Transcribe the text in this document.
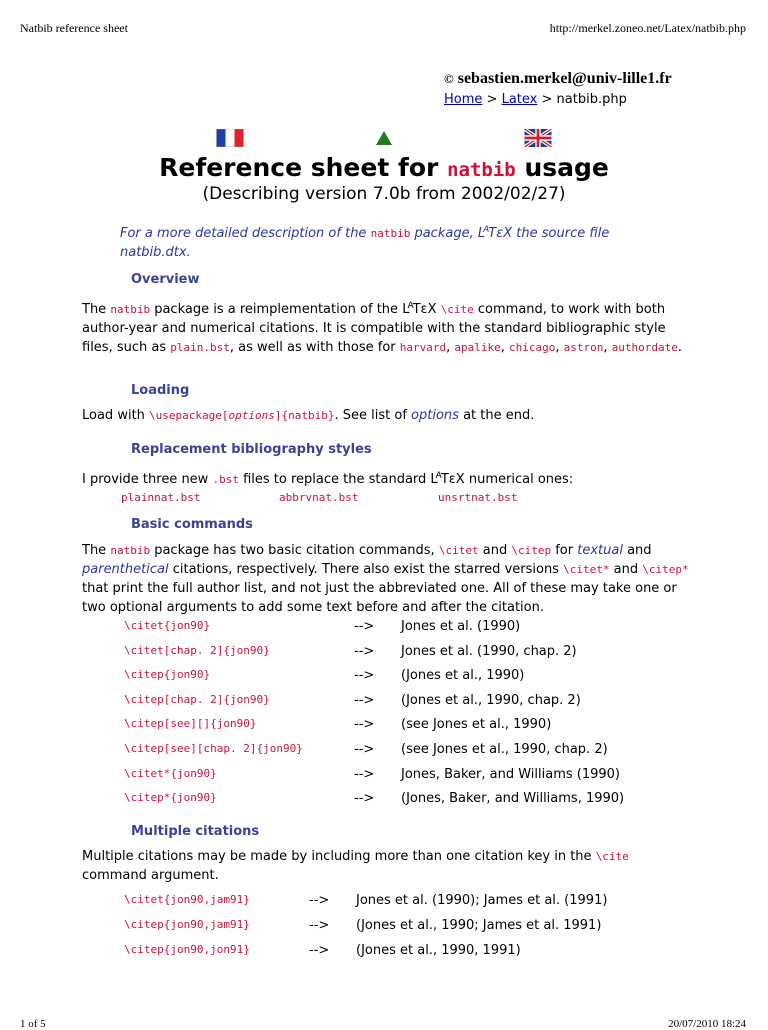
Natbib reference sheet	http://merkel.zoneo.net/Latex/natbib.php
© sebastien.merkel@univ-lille1.fr
Home > Latex > natbib.php
Reference sheet for natbib usage
(Describing version 7.0b from 2002/02/27)
For a more detailed description of the natbib package, $L^AT\varepsilon X$ the source file
natbib.dtx.
Overview
The natbib package is a reimplementation of the $L^AT\varepsilon X$ \cite command, to work with both author-year and numerical citations. It is compatible with the standard bibliographic style files, such as plain.bst, as well as with those for harvard, apalike, chicago, astron, authordate.
Loading
Load with \usepackage[options]{natbib}. See list of options at the end.
Replacement bibliography styles
I provide three new .bst files to replace the standard $L^AT\varepsilon X$ numerical ones:
plainnat.bst	abbrvnat.bst	unsrtnat.bst
Basic commands
The natbib package has two basic citation commands, \citet and \citep for textual and parenthetical citations, respectively. There also exist the starred versions \citet* and \citep* that print the full author list, and not just the abbreviated one. All of these may take one or two optional arguments to add some text before and after the citation.
\citet{jon90}	--> Jones et al. (1990)
\citet[chap. 2]{jon90}	--> Jones et al. (1990, chap. 2)
\citep{jon90}	--> (Jones et al., 1990)
\citep[chap. 2]{jon90}	--> (Jones et al., 1990, chap. 2)
\citep[see][]{jon90}	--> (see Jones et al., 1990)
\citep[see][chap. 2]{jon90}	--> (see Jones et al., 1990, chap. 2)
\citet*{jon90}	--> Jones, Baker, and Williams (1990)
\citep*{jon90}	--> (Jones, Baker, and Williams, 1990)
Multiple citations
Multiple citations may be made by including more than one citation key in the \cite command argument.
\citet{jon90,jam91}	--> Jones et al. (1990); James et al. (1991)
\citep{jon90,jam91}	--> (Jones et al., 1990; James et al. 1991)
\citep{jon90,jon91}	--> (Jones et al., 1990, 1991)
1 of 5	20/07/2010 18:24
